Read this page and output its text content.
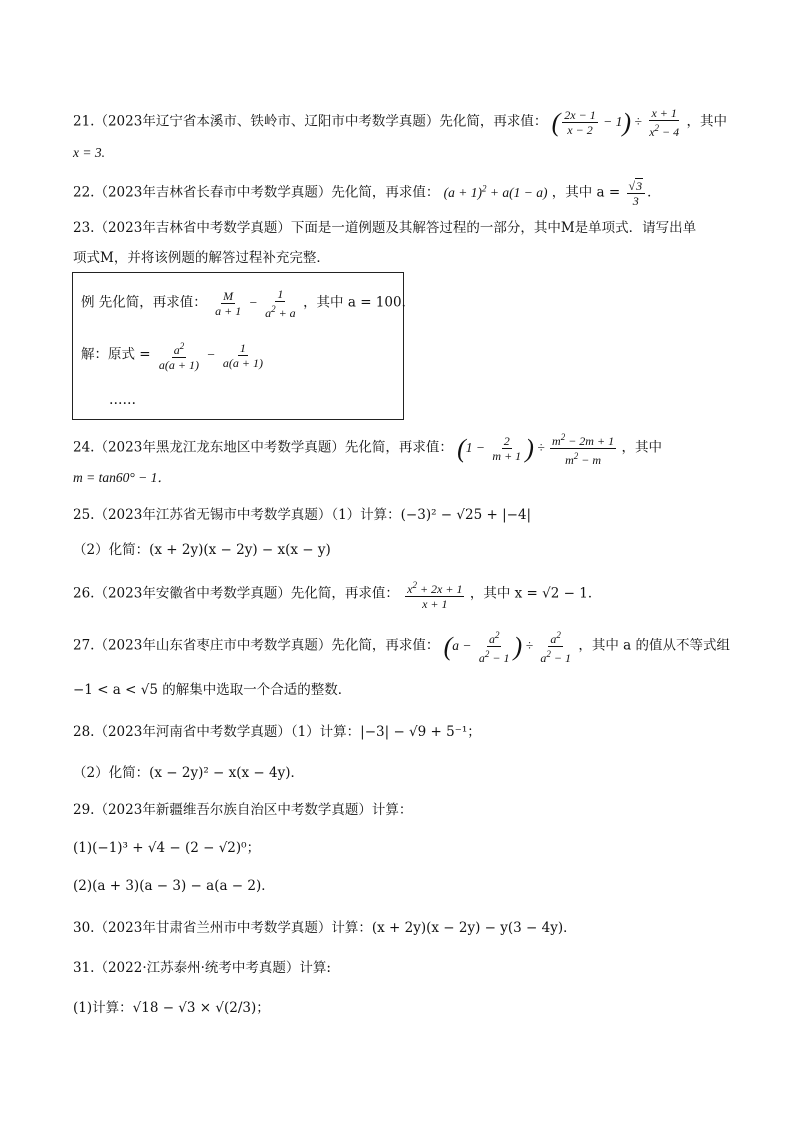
21.（2023年辽宁省本溪市、铁岭市、辽阳市中考数学真题）先化简，再求值： ( $\frac{2x - 1}{x - 2} - 1) \div \frac{x + 1}{x^2 - 4}$ ，其中
x = 3.
22.（2023年吉林省长春市中考数学真题）先化简，再求值： $(a + 1)^2 + a(1 - a)$ ，其中 $a = \frac{√3}{3}$ ．
23.（2023年吉林省中考数学真题）下面是一道例题及其解答过程的一部分，其中M是单项式．请写出单
项式M，并将该例题的解答过程补充完整．
例 先化简，再求值： $\frac{M}{a + 1} - \frac{1}{a^2 + a}$ ，其中 a = 100．
解：原式 = $\frac{a^2}{a(a + 1)} - \frac{1}{a(a + 1)}$
……
24.（2023年黑龙江龙东地区中考数学真题）先化简，再求值： ($1 - \frac{2}{m + 1}$ ) ÷ $\frac{m^2 - 2m + 1}{m^2 - m}$ ，其中
m = tan60° − 1．
25.（2023年江苏省无锡市中考数学真题）（1）计算：(−3)² − √25 + |−4|
（2）化简：(x + 2y)(x − 2y) − x(x − y)
26.（2023年安徽省中考数学真题）先化简，再求值： $\frac{x^2 + 2x + 1}{x + 1}$ ，其中 x = √2 − 1．
27.（2023年山东省枣庄市中考数学真题）先化简，再求值： ($a - \frac{a^2}{a^2 - 1}$ ) ÷ $\frac{a^2}{a^2 - 1}$ ，其中 a 的值从不等式组
−1 < a < √5 的解集中选取一个合适的整数．
28.（2023年河南省中考数学真题）（1）计算：|−3| − √9 + 5⁻¹；
（2）化简：(x − 2y)² − x(x − 4y)．
29.（2023年新疆维吾尔族自治区中考数学真题）计算：
(1)(−1)³ + √4 − (2 − √2)⁰；
(2)(a + 3)(a − 3) − a(a − 2)．
30.（2023年甘肃省兰州市中考数学真题）计算：(x + 2y)(x − 2y) − y(3 − 4y)．
31.（2022·江苏泰州·统考中考真题）计算:
(1)计算：√18 − √3 × √(2/3)；
